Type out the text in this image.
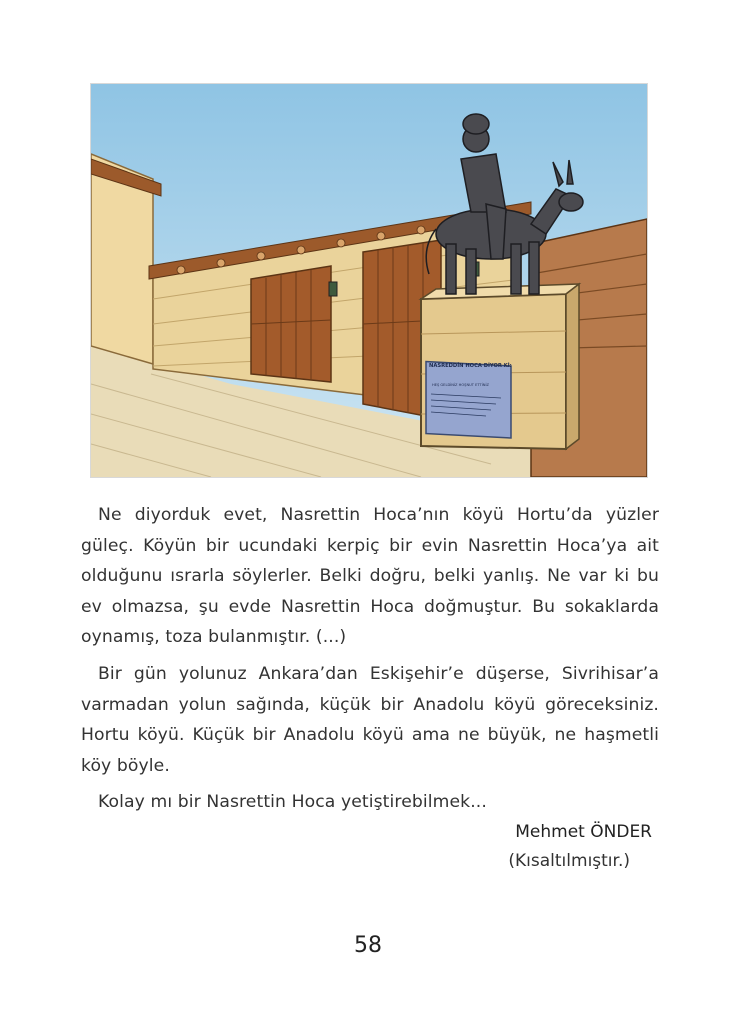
NASREDDİN HOCA DİYOR Kİ:
HEŞ GELDİNİZ HOŞNUT ETTİNİZ

Ne diyorduk evet, Nasrettin Hoca’nın köyü Hortu’da yüzler güleç. Köyün bir ucundaki kerpiç bir evin Nasrettin Hoca’ya ait olduğunu ısrarla söylerler. Belki doğru, belki yanlış. Ne var ki bu ev olmazsa, şu evde Nasrettin Hoca doğmuştur. Bu sokaklarda oynamış, toza bulanmıştır. (...)

Bir gün yolunuz Ankara’dan Eskişehir’e düşerse, Sivrihisar’a varmadan yolun sağında, küçük bir Anadolu köyü göreceksiniz. Hortu köyü. Küçük bir Anadolu köyü ama ne büyük, ne haşmetli köy böyle.

Kolay mı bir Nasrettin Hoca yetiştirebilmek...

Mehmet ÖNDER
(Kısaltılmıştır.)
58
